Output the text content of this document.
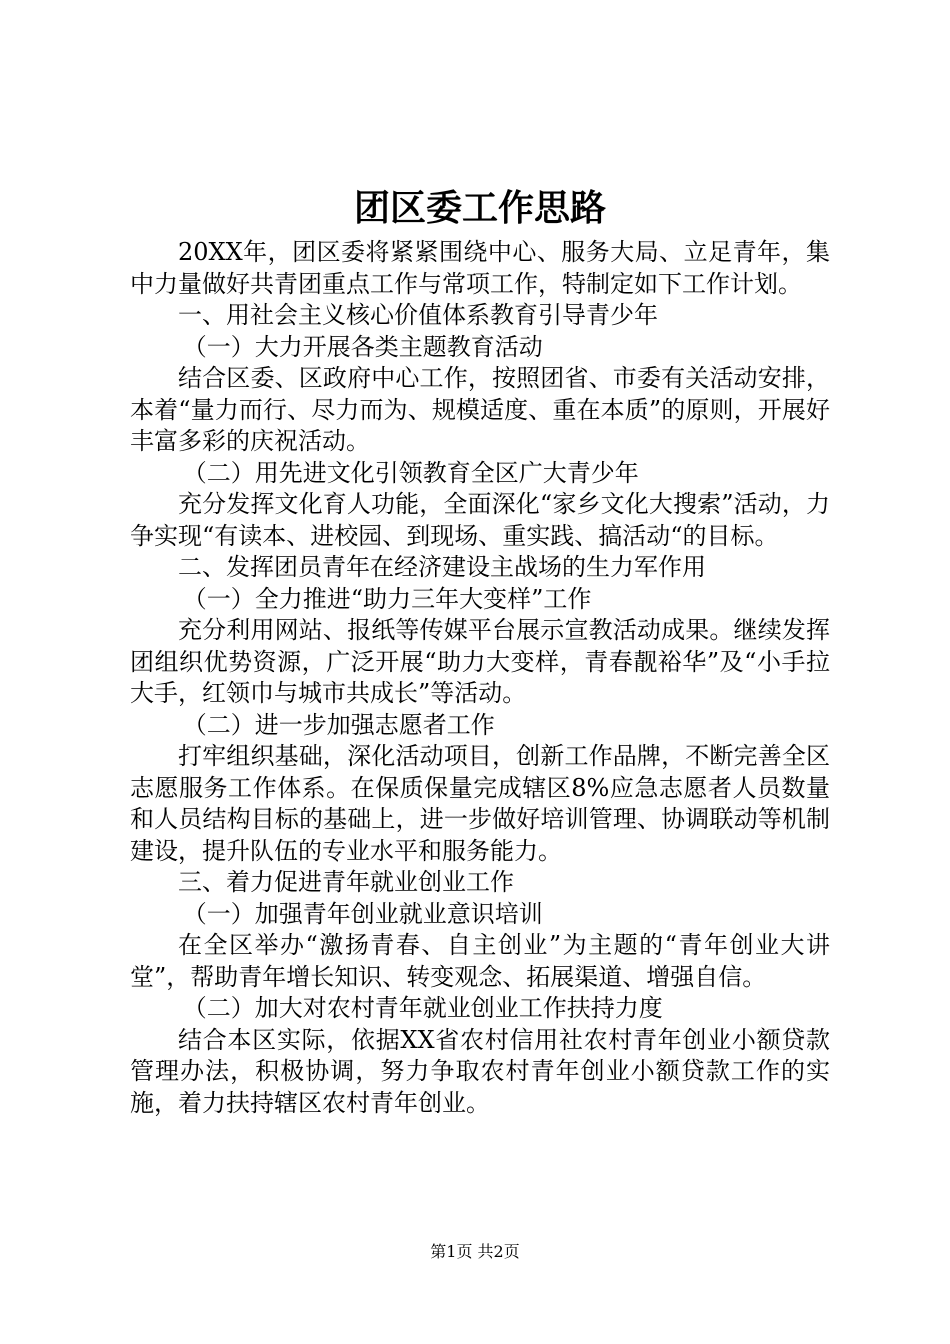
团区委工作思路

20XX年，团区委将紧紧围绕中心、服务大局、立足青年，集中力量做好共青团重点工作与常项工作，特制定如下工作计划。

一、用社会主义核心价值体系教育引导青少年

（一）大力开展各类主题教育活动

结合区委、区政府中心工作，按照团省、市委有关活动安排，本着“量力而行、尽力而为、规模适度、重在本质”的原则，开展好丰富多彩的庆祝活动。

（二）用先进文化引领教育全区广大青少年

充分发挥文化育人功能，全面深化“家乡文化大搜索”活动，力争实现“有读本、进校园、到现场、重实践、搞活动“的目标。

二、发挥团员青年在经济建设主战场的生力军作用

（一）全力推进“助力三年大变样”工作

充分利用网站、报纸等传媒平台展示宣教活动成果。继续发挥团组织优势资源，广泛开展“助力大变样，青春靓裕华”及“小手拉大手，红领巾与城市共成长”等活动。

（二）进一步加强志愿者工作

打牢组织基础，深化活动项目，创新工作品牌，不断完善全区志愿服务工作体系。在保质保量完成辖区8%应急志愿者人员数量和人员结构目标的基础上，进一步做好培训管理、协调联动等机制建设，提升队伍的专业水平和服务能力。

三、着力促进青年就业创业工作

（一）加强青年创业就业意识培训

在全区举办“激扬青春、自主创业”为主题的“青年创业大讲堂”，帮助青年增长知识、转变观念、拓展渠道、增强自信。

（二）加大对农村青年就业创业工作扶持力度

结合本区实际，依据XX省农村信用社农村青年创业小额贷款管理办法，积极协调，努力争取农村青年创业小额贷款工作的实施，着力扶持辖区农村青年创业。

第1页 共2页
